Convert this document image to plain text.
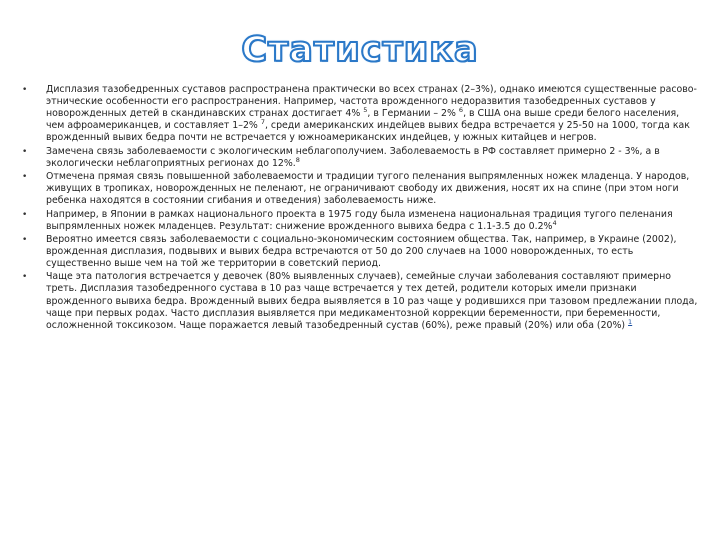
Статистика
• Дисплазия тазобедренных суставов распространена практически во всех странах (2–3%), однако имеются существенные расово-этнические особенности его распространения. Например, частота врожденного недоразвития тазобедренных суставов у новорожденных детей в скандинавских странах достигает 4% $^5$, в Германии – 2% $^6$, в США она выше среди белого населения, чем афроамериканцев, и составляет 1–2% $^7$, среди американских индейцев вывих бедра встречается у 25-50 на 1000, тогда как врожденный вывих бедра почти не встречается у южноамериканских индейцев, у южных китайцев и негров.
• Замечена связь заболеваемости с экологическим неблагополучием. Заболеваемость в РФ составляет примерно 2 - 3%, а в экологически неблагоприятных регионах до 12%.$^8$
• Отмечена прямая связь повышенной заболеваемости и традиции тугого пеленания выпрямленных ножек младенца. У народов, живущих в тропиках, новорожденных не пеленают, не ограничивают свободу их движения, носят их на спине (при этом ноги ребенка находятся в состоянии сгибания и отведения) заболеваемость ниже.
• Например, в Японии в рамках национального проекта в 1975 году была изменена национальная традиция тугого пеленания выпрямленных ножек младенцев. Результат: снижение врожденного вывиха бедра с 1.1-3.5 до 0.2%$^4$
• Вероятно имеется связь заболеваемости с социально-экономическим состоянием общества. Так, например, в Украине (2002), врожденная дисплазия, подвывих и вывих бедра встречаются от 50 до 200 случаев на 1000 новорожденных, то есть существенно выше чем на той же территории в советский период.
• Чаще эта патология встречается у девочек (80% выявленных случаев), семейные случаи заболевания составляют примерно треть. Дисплазия тазобедренного сустава в 10 раз чаще встречается у тех детей, родители которых имели признаки врожденного вывиха бедра. Врожденный вывих бедра выявляется в 10 раз чаще у родившихся при тазовом предлежании плода, чаще при первых родах. Часто дисплазия выявляется при медикаментозной коррекции беременности, при беременности, осложненной токсикозом. Чаще поражается левый тазобедренный сустав (60%), реже правый (20%) или оба (20%) $^1$
